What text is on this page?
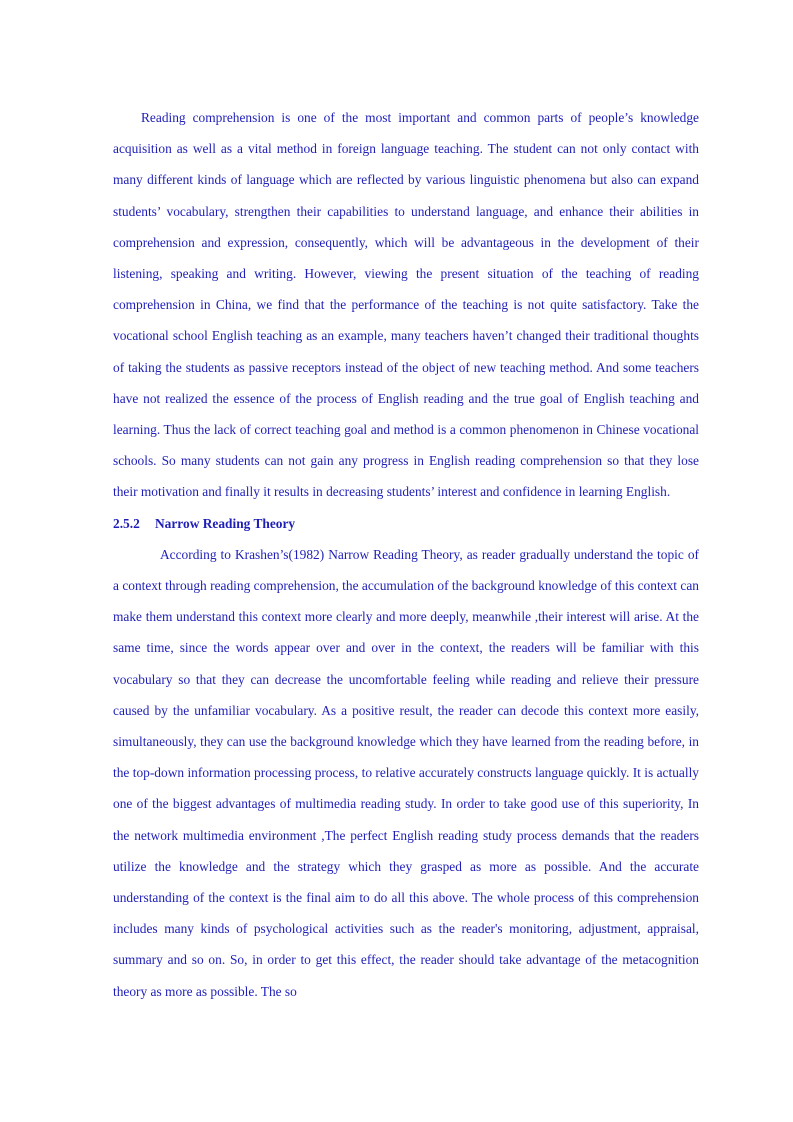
Reading comprehension is one of the most important and common parts of people’s knowledge acquisition as well as a vital method in foreign language teaching. The student can not only contact with many different kinds of language which are reflected by various linguistic phenomena but also can expand students’ vocabulary, strengthen their capabilities to understand language, and enhance their abilities in comprehension and expression, consequently, which will be advantageous in the development of their listening, speaking and writing. However, viewing the present situation of the teaching of reading comprehension in China, we find that the performance of the teaching is not quite satisfactory. Take the vocational school English teaching as an example, many teachers haven’t changed their traditional thoughts of taking the students as passive receptors instead of the object of new teaching method. And some teachers have not realized the essence of the process of English reading and the true goal of English teaching and learning. Thus the lack of correct teaching goal and method is a common phenomenon in Chinese vocational schools. So many students can not gain any progress in English reading comprehension so that they lose their motivation and finally it results in decreasing students’ interest and confidence in learning English.

2.5.2	Narrow Reading Theory

According to Krashen’s(1982) Narrow Reading Theory, as reader gradually understand the topic of a context through reading comprehension, the accumulation of the background knowledge of this context can make them understand this context more clearly and more deeply, meanwhile ,their interest will arise. At the same time, since the words appear over and over in the context, the readers will be familiar with this vocabulary so that they can decrease the uncomfortable feeling while reading and relieve their pressure caused by the unfamiliar vocabulary. As a positive result, the reader can decode this context more easily, simultaneously, they can use the background knowledge which they have learned from the reading before, in the top-down information processing process, to relative accurately constructs language quickly. It is actually one of the biggest advantages of multimedia reading study. In order to take good use of this superiority, In the network multimedia environment ,The perfect English reading study process demands that the readers utilize the knowledge and the strategy which they grasped as more as possible. And the accurate understanding of the context is the final aim to do all this above. The whole process of this comprehension includes many kinds of psychological activities such as the reader's monitoring, adjustment, appraisal, summary and so on. So, in order to get this effect, the reader should take advantage of the metacognition theory as more as possible. The so
